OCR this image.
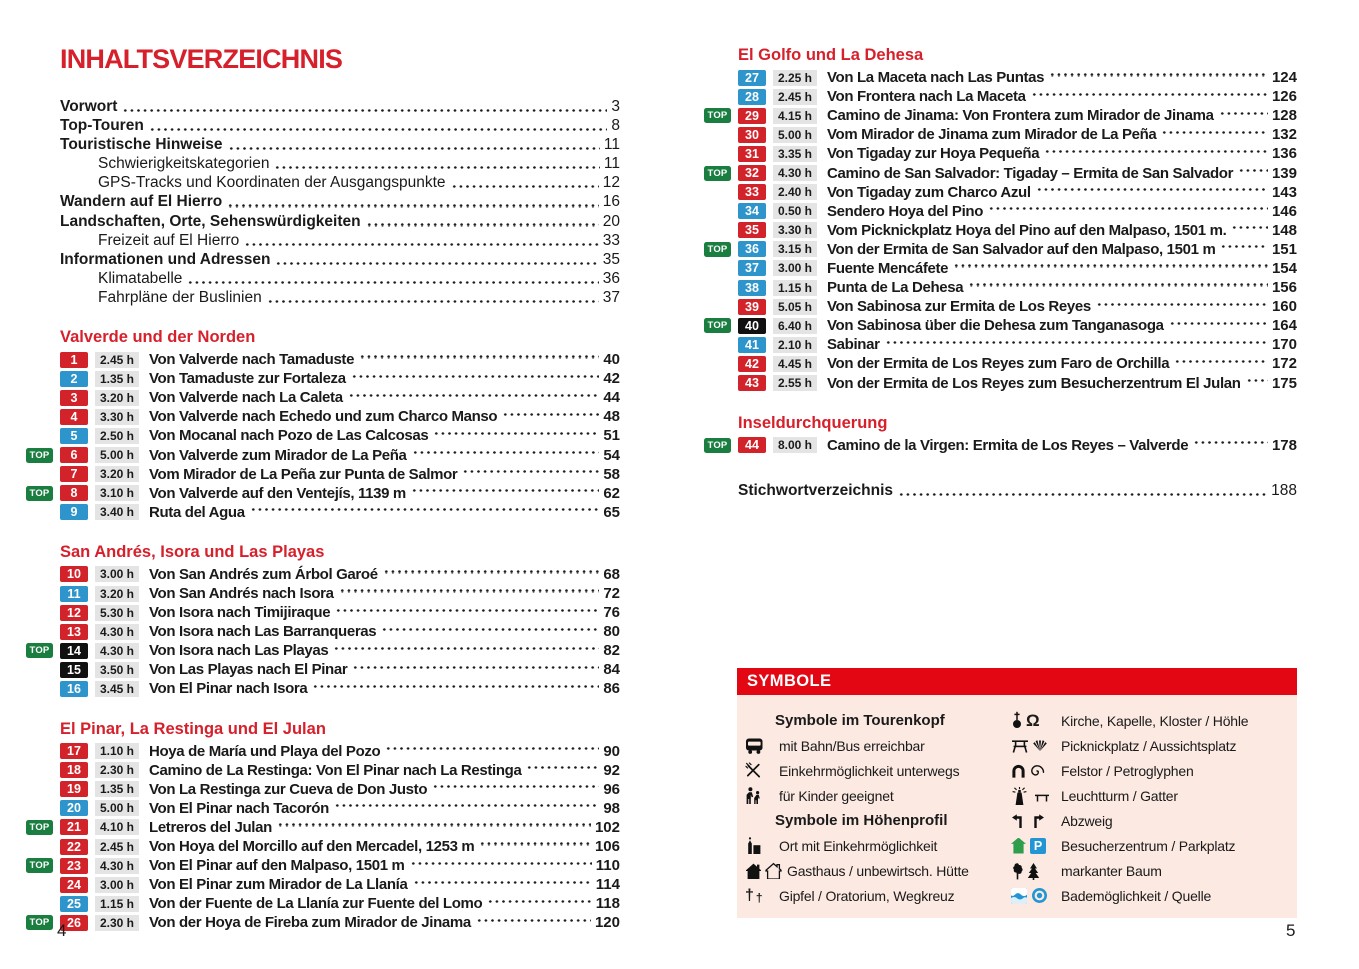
INHALTSVERZEICHNIS
Vorwort	3
Top-Touren	8
Touristische Hinweise	11
Schwierigkeitskategorien	11
GPS-Tracks und Koordinaten der Ausgangspunkte	12
Wandern auf El Hierro	16
Landschaften, Orte, Sehenswürdigkeiten	20
Freizeit auf El Hierro	33
Informationen und Adressen	35
Klimatabelle	36
Fahrpläne der Buslinien	37
Valverde und der Norden
1	2.45 h Von Valverde nach Tamaduste	40
2	1.35 h Von Tamaduste zur Fortaleza	42
3	3.20 h Von Valverde nach La Caleta	44
4	3.30 h Von Valverde nach Echedo und zum Charco Manso	48
5	2.50 h Von Mocanal nach Pozo de Las Calcosas	51
TOP	6	5.00 h Von Valverde zum Mirador de La Peña	54
7	3.20 h Vom Mirador de La Peña zur Punta de Salmor	58
TOP	8	3.10 h Von Valverde auf den Ventejís, 1139 m	62
9	3.40 h Ruta del Agua	65
San Andrés, Isora und Las Playas
10	3.00 h Von San Andrés zum Árbol Garoé	68
11	3.20 h Von San Andrés nach Isora	72
12	5.30 h Von Isora nach Timijiraque	76
13	4.30 h Von Isora nach Las Barranqueras	80
TOP	14	4.30 h Von Isora nach Las Playas	82
15	3.50 h Von Las Playas nach El Pinar	84
16	3.45 h Von El Pinar nach Isora	86
El Pinar, La Restinga und El Julan
17	1.10 h Hoya de María und Playa del Pozo	90
18	2.30 h Camino de La Restinga: Von El Pinar nach La Restinga	92
19	1.35 h Von La Restinga zur Cueva de Don Justo	96
20	5.00 h Von El Pinar nach Tacorón	98
TOP	21	4.10 h Letreros del Julan	102
22	2.45 h Von Hoya del Morcillo auf den Mercadel, 1253 m	106
TOP	23	4.30 h Von El Pinar auf den Malpaso, 1501 m	110
24	3.00 h Von El Pinar zum Mirador de La Llanía	114
25	1.15 h Von der Fuente de La Llanía zur Fuente del Lomo	118
TOP	26	2.30 h Von der Hoya de Fireba zum Mirador de Jinama	120
El Golfo und La Dehesa
27	2.25 h Von La Maceta nach Las Puntas	124
28	2.45 h Von Frontera nach La Maceta	126
TOP	29	4.15 h Camino de Jinama: Von Frontera zum Mirador de Jinama	128
30	5.00 h Vom Mirador de Jinama zum Mirador de La Peña	132
31	3.35 h Von Tigaday zur Hoya Pequeña	136
TOP	32	4.30 h Camino de San Salvador: Tigaday – Ermita de San Salvador	139
33	2.40 h Von Tigaday zum Charco Azul	143
34	0.50 h Sendero Hoya del Pino	146
35	3.30 h Vom Picknickplatz Hoya del Pino auf den Malpaso, 1501 m.	148
TOP	36	3.15 h Von der Ermita de San Salvador auf den Malpaso, 1501 m	151
37	3.00 h Fuente Mencáfete	154
38	1.15 h Punta de La Dehesa	156
39	5.05 h Von Sabinosa zur Ermita de Los Reyes	160
TOP	40	6.40 h Von Sabinosa über die Dehesa zum Tanganasoga	164
41	2.10 h Sabinar	170
42	4.45 h Von der Ermita de Los Reyes zum Faro de Orchilla	172
43	2.55 h Von der Ermita de Los Reyes zum Besucherzentrum El Julan 175
Inseldurchquerung
TOP	44	8.00 h Camino de la Virgen: Ermita de Los Reyes – Valverde	178
Stichwortverzeichnis	188
SYMBOLE
Symbole im Tourenkopf
mit Bahn/Bus erreichbar
Einkehrmöglichkeit unterwegs
für Kinder geeignet
Symbole im Höhenprofil
Ort mit Einkehrmöglichkeit
Gasthaus / unbewirtsch. Hütte
† † Gipfel / Oratorium, Wegkreuz
Ω Kirche, Kapelle, Kloster / Höhle
Picknickplatz / Aussichtsplatz
Felstor / Petroglyphen
Leuchtturm / Gatter
Abzweig
P Besucherzentrum / Parkplatz
markanter Baum
Bademöglichkeit / Quelle
4	5
